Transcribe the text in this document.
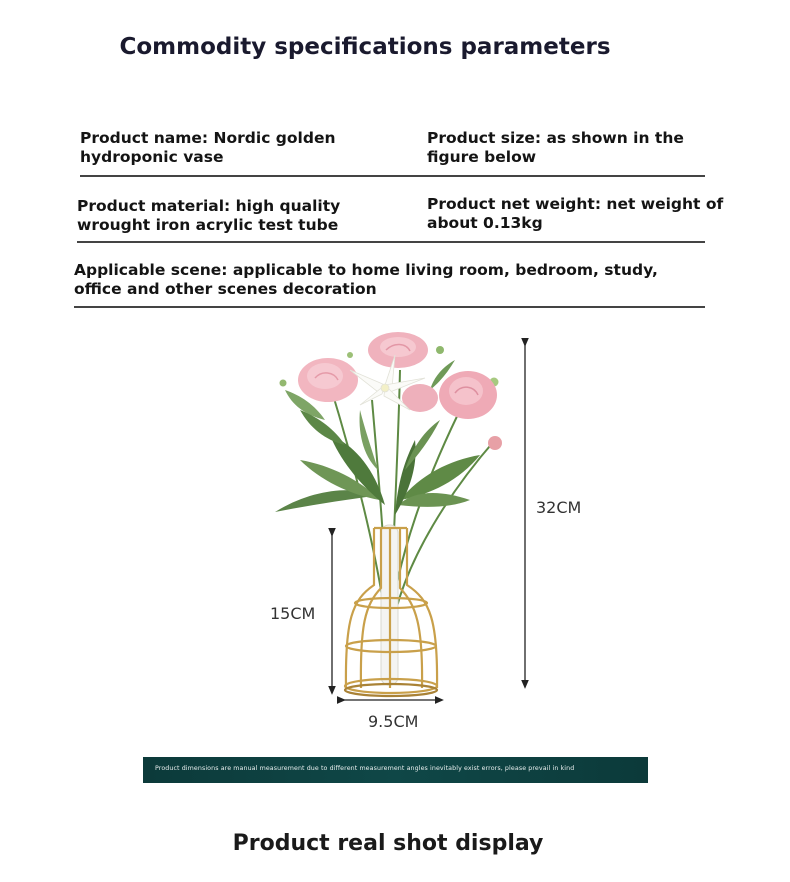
Commodity specifications parameters
Product name: Nordic golden
hydroponic vase
Product size: as shown in the
figure below
Product material: high quality
wrought iron acrylic test tube
Product net weight: net weight of
about 0.13kg
Applicable scene: applicable to home living room, bedroom, study,
office and other scenes decoration
32CM
15CM
9.5CM
Product dimensions are manual measurement due to different measurement angles inevitably exist errors, please prevail in kind
Product real shot display
